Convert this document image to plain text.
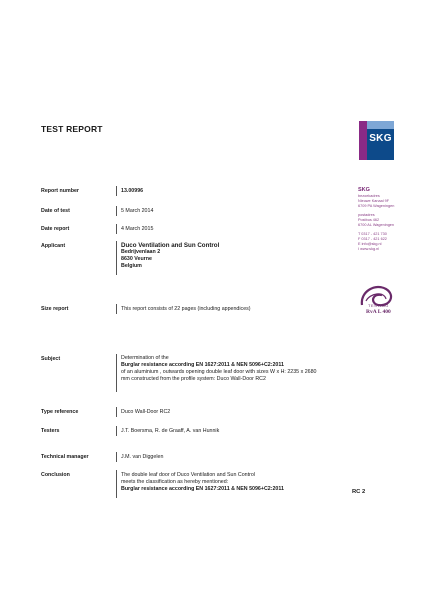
TEST REPORT
SKG
SKG
bezoekadres
Nieuwe Kanaal 9F
6709 PA Wageningen
postadres
Postbus 462
6700 AL Wageningen
T 0317 - 421 730
F 0317 - 421 622
E info@skg.nl
I www.skg.nl
TESTING
RvA L 400
Report number	13.00996
Date of test	5 March 2014
Date report	4 March 2015
Applicant	Duco Ventilation and Sun Control
Bedrijvenlaan 2
8630 Veurne
Belgium
Size report	This report consists of 22 pages (including appendices)
Subject	Determination of the
Burglar resistance according EN 1627:2011 & NEN 5096+C2:2011
of an aluminium , outwards opening double leaf door with sizes W x H: 2235 x 2680
mm constructed from the profile system: Duco Wall-Door RC2
Type reference	Duco Wall-Door RC2
Testers	J.T. Boersma, R. de Graaff, A. van Hunnik
Technical manager	J.M. van Diggelen
Conclusion	The double leaf door of Duco Ventilation and Sun Control
meets the classification as hereby mentioned:
Burglar resistance according EN 1627:2011 & NEN 5096+C2:2011	RC 2
